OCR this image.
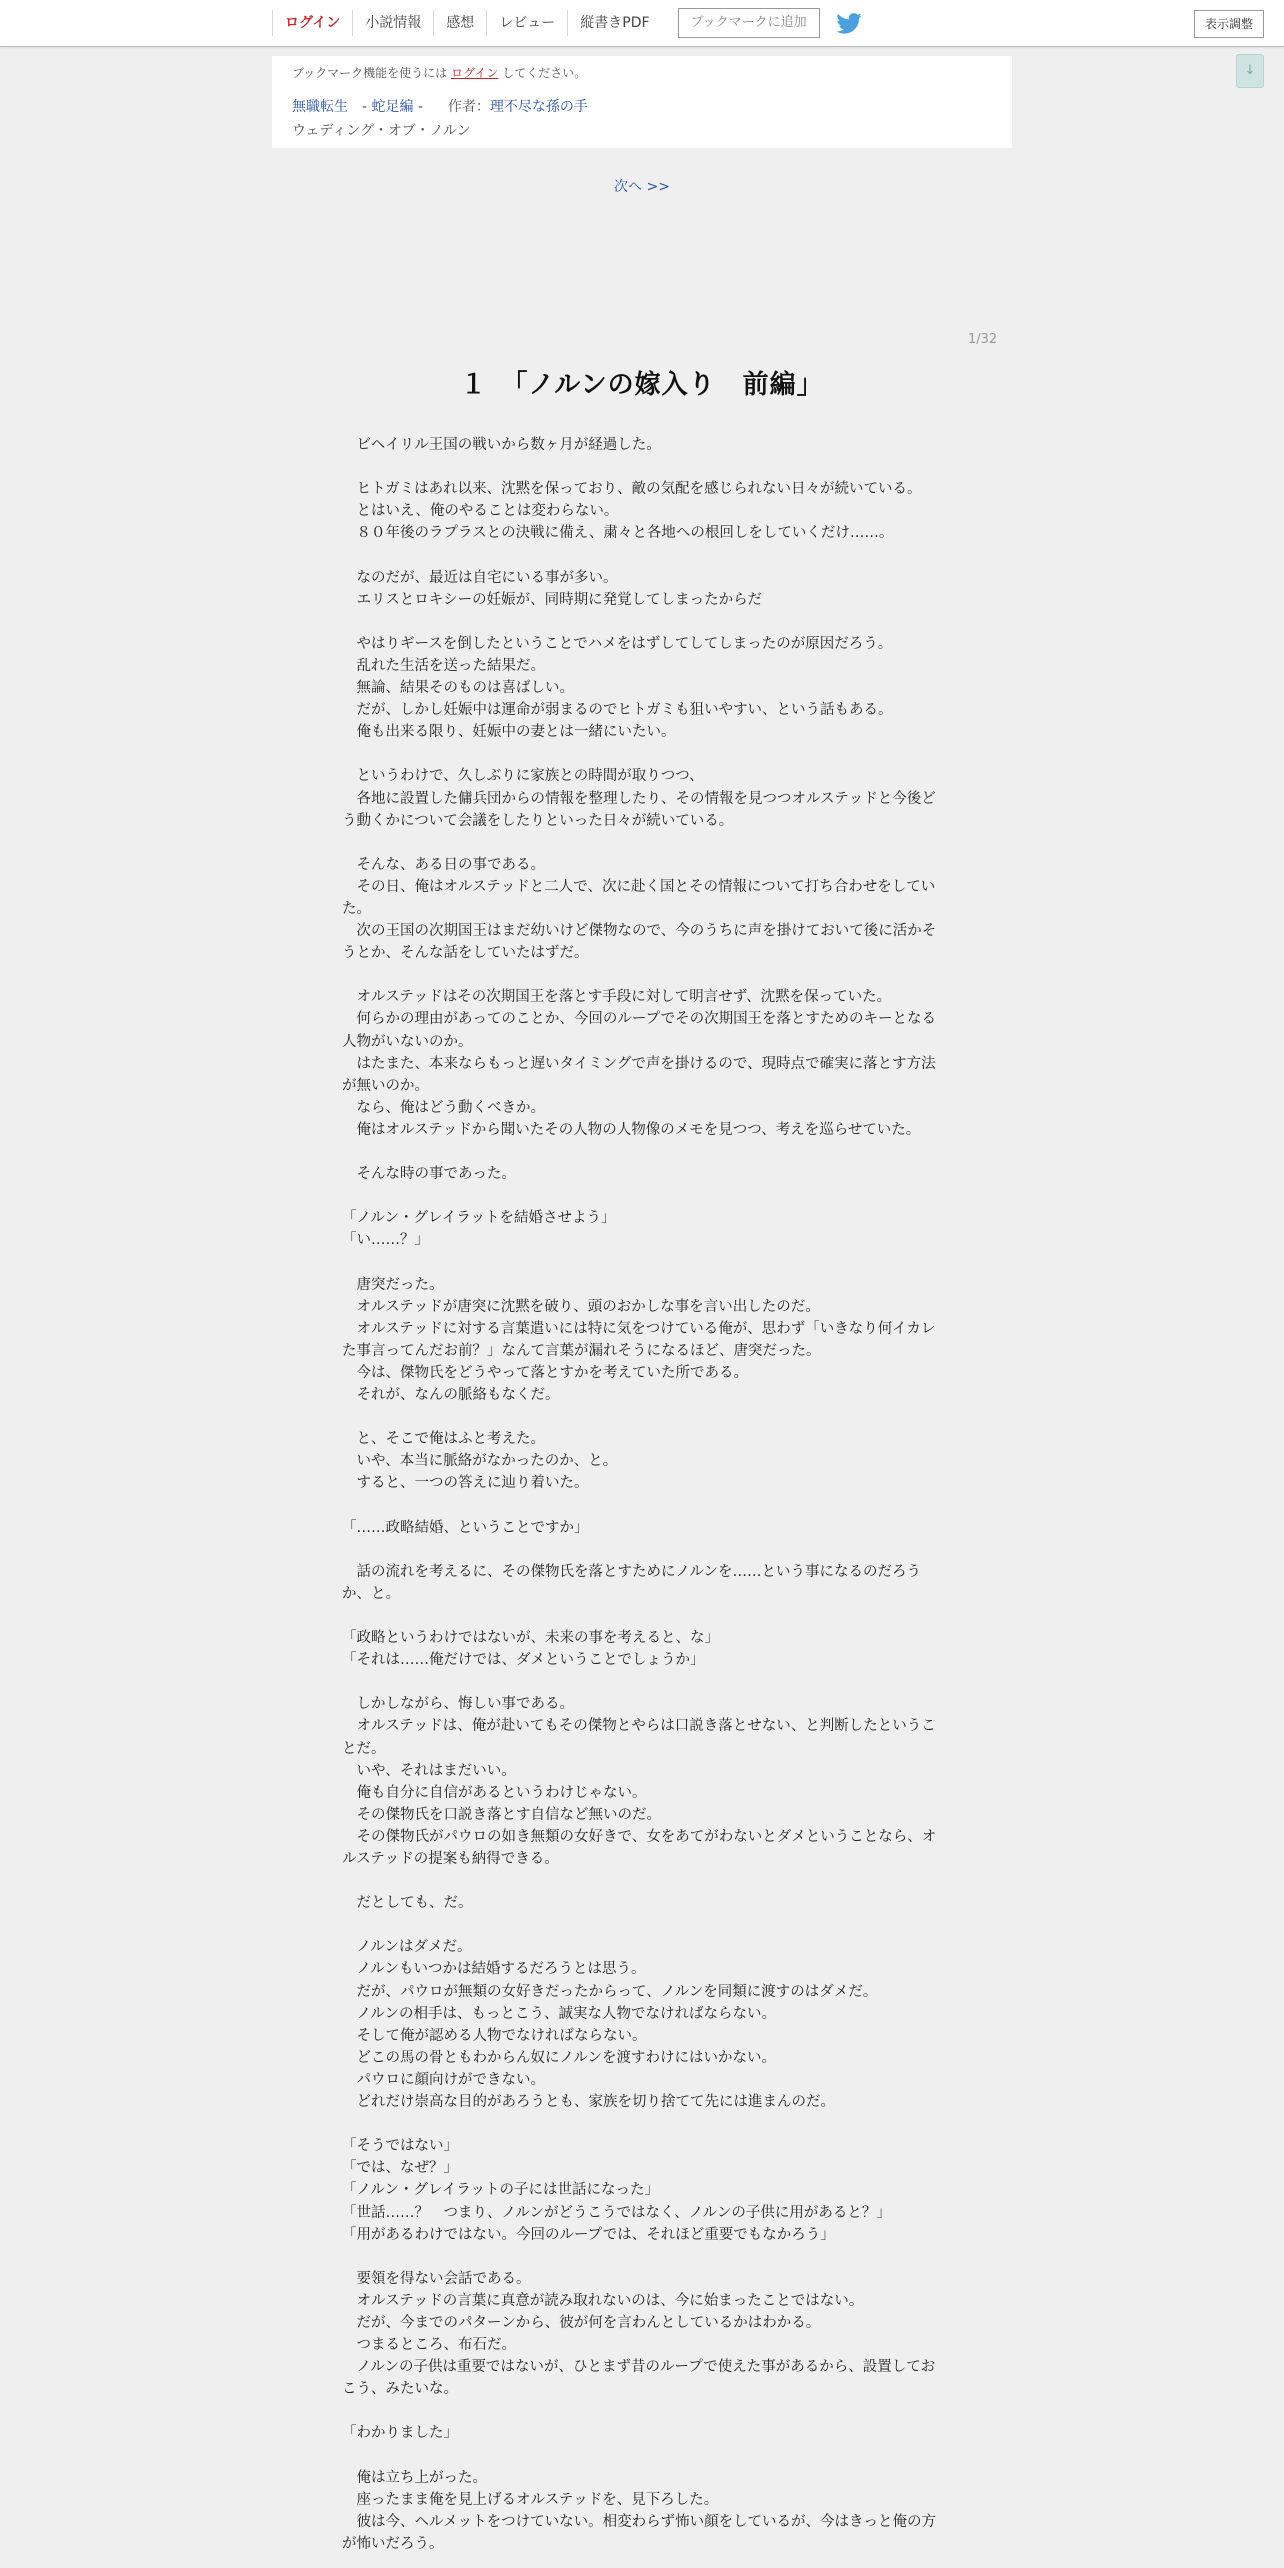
ログイン	小説情報	感想	レビュー	縦書きPDF	ブックマークに追加	表示調整
↓
ブックマーク機能を使うには ログイン してください。
無職転生　- 蛇足編 - 作者：理不尽な孫の手
ウェディング・オブ・ノルン
次へ >>
1/32
１　「ノルンの嫁入り　前編」

　ビヘイリル王国の戦いから数ヶ月が経過した。

　ヒトガミはあれ以来、沈黙を保っており、敵の気配を感じられない日々が続いている。

　とはいえ、俺のやることは変わらない。

　８０年後のラプラスとの決戦に備え、粛々と各地への根回しをしていくだけ……。

　なのだが、最近は自宅にいる事が多い。

　エリスとロキシーの妊娠が、同時期に発覚してしまったからだ

　やはりギースを倒したということでハメをはずしてしてしまったのが原因だろう。

　乱れた生活を送った結果だ。

　無論、結果そのものは喜ばしい。

　だが、しかし妊娠中は運命が弱まるのでヒトガミも狙いやすい、という話もある。

　俺も出来る限り、妊娠中の妻とは一緒にいたい。

　というわけで、久しぶりに家族との時間が取りつつ、

　各地に設置した傭兵団からの情報を整理したり、その情報を見つつオルステッドと今後どう動くかについて会議をしたりといった日々が続いている。

　そんな、ある日の事である。

　その日、俺はオルステッドと二人で、次に赴く国とその情報について打ち合わせをしていた。

　次の王国の次期国王はまだ幼いけど傑物なので、今のうちに声を掛けておいて後に活かそうとか、そんな話をしていたはずだ。

　オルステッドはその次期国王を落とす手段に対して明言せず、沈黙を保っていた。

　何らかの理由があってのことか、今回のループでその次期国王を落とすためのキーとなる人物がいないのか。

　はたまた、本来ならもっと遅いタイミングで声を掛けるので、現時点で確実に落とす方法が無いのか。

　なら、俺はどう動くべきか。

　俺はオルステッドから聞いたその人物の人物像のメモを見つつ、考えを巡らせていた。

　そんな時の事であった。

「ノルン・グレイラットを結婚させよう」

「い……？」

　唐突だった。

　オルステッドが唐突に沈黙を破り、頭のおかしな事を言い出したのだ。

　オルステッドに対する言葉遣いには特に気をつけている俺が、思わず「いきなり何イカレた事言ってんだお前？」なんて言葉が漏れそうになるほど、唐突だった。

　今は、傑物氏をどうやって落とすかを考えていた所である。

　それが、なんの脈絡もなくだ。

　と、そこで俺はふと考えた。

　いや、本当に脈絡がなかったのか、と。

　すると、一つの答えに辿り着いた。

「……政略結婚、ということですか」

　話の流れを考えるに、その傑物氏を落とすためにノルンを……という事になるのだろうか、と。

「政略というわけではないが、未来の事を考えると、な」

「それは……俺だけでは、ダメということでしょうか」

　しかしながら、悔しい事である。

　オルステッドは、俺が赴いてもその傑物とやらは口説き落とせない、と判断したということだ。

　いや、それはまだいい。

　俺も自分に自信があるというわけじゃない。

　その傑物氏を口説き落とす自信など無いのだ。

　その傑物氏がパウロの如き無類の女好きで、女をあてがわないとダメということなら、オルステッドの提案も納得できる。

　だとしても、だ。

　ノルンはダメだ。

　ノルンもいつかは結婚するだろうとは思う。

　だが、パウロが無類の女好きだったからって、ノルンを同類に渡すのはダメだ。

　ノルンの相手は、もっとこう、誠実な人物でなければならない。

　そして俺が認める人物でなければならない。

　どこの馬の骨ともわからん奴にノルンを渡すわけにはいかない。

　パウロに顔向けができない。

　どれだけ崇高な目的があろうとも、家族を切り捨てて先には進まんのだ。

「そうではない」

「では、なぜ？」

「ノルン・グレイラットの子には世話になった」

「世話……？　つまり、ノルンがどうこうではなく、ノルンの子供に用があると？」

「用があるわけではない。今回のループでは、それほど重要でもなかろう」

　要領を得ない会話である。

　オルステッドの言葉に真意が読み取れないのは、今に始まったことではない。

　だが、今までのパターンから、彼が何を言わんとしているかはわかる。

　つまるところ、布石だ。

　ノルンの子供は重要ではないが、ひとまず昔のループで使えた事があるから、設置しておこう、みたいな。

「わかりました」

　俺は立ち上がった。

　座ったまま俺を見上げるオルステッドを、見下ろした。

　彼は今、ヘルメットをつけていない。相変わらず怖い顔をしているが、今はきっと俺の方が怖いだろう。
